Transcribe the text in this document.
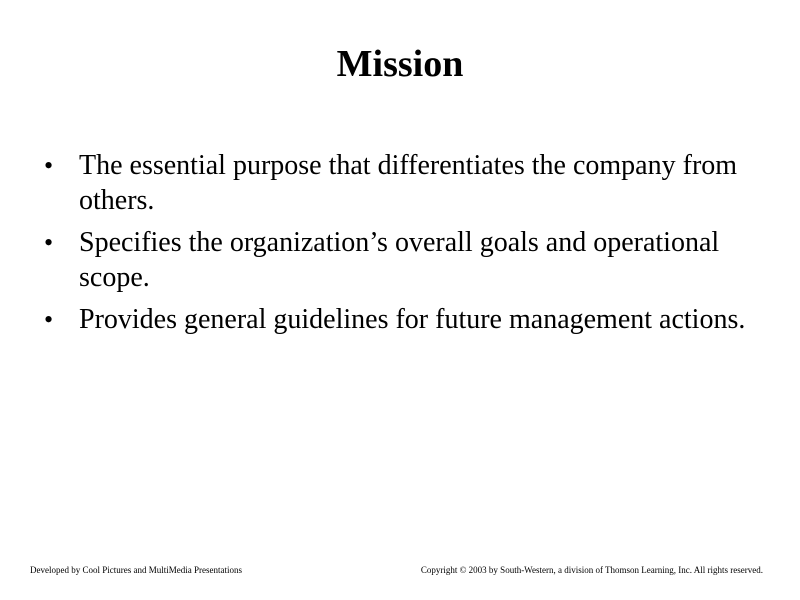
Mission
• The essential purpose that differentiates the company from others.
• Specifies the organization’s overall goals and operational scope.
• Provides general guidelines for future management actions.
Developed by Cool Pictures and MultiMedia Presentations	Copyright © 2003 by South-Western, a division of Thomson Learning, Inc. All rights reserved.
